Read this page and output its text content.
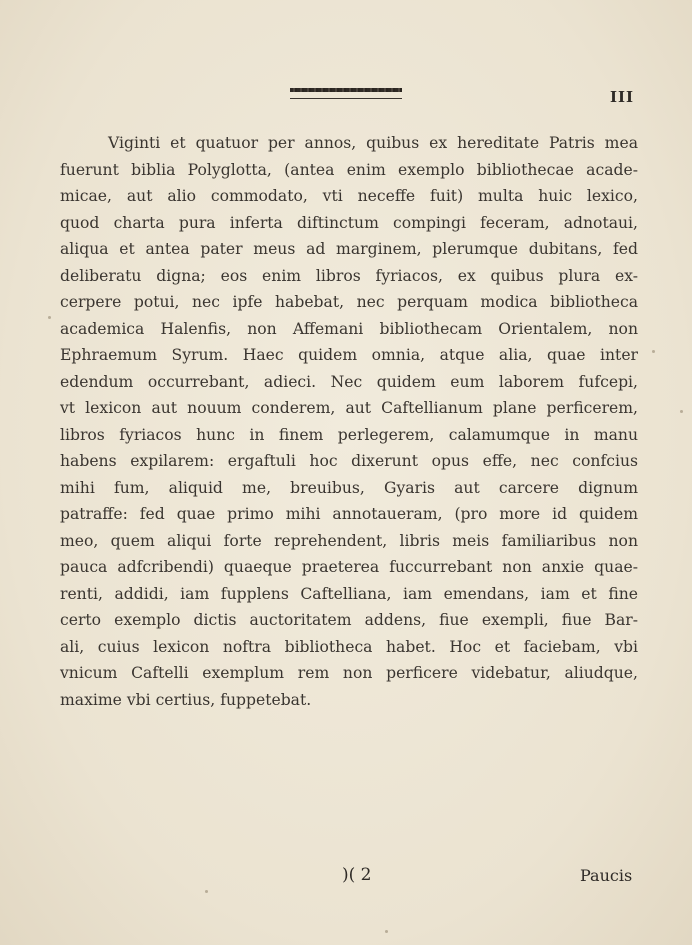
III
Viginti et quatuor per annos, quibus ex hereditate Patris mea
fuerunt biblia Polyglotta, (antea enim exemplo bibliothecae acade-
micae, aut alio commodato, vti neceffe fuit) multa huic lexico,
quod charta pura inferta diftinctum compingi feceram, adnotaui,
aliqua et antea pater meus ad marginem, plerumque dubitans, fed
deliberatu digna; eos enim libros fyriacos, ex quibus plura ex-
cerpere potui, nec ipfe habebat, nec perquam modica bibliotheca
academica Halenfis, non Affemani bibliothecam Orientalem, non
Ephraemum Syrum. Haec quidem omnia, atque alia, quae inter
edendum occurrebant, adieci. Nec quidem eum laborem fufcepi,
vt lexicon aut nouum conderem, aut Caftellianum plane perficerem,
libros fyriacos hunc in finem perlegerem, calamumque in manu
habens expilarem: ergaftuli hoc dixerunt opus effe, nec confcius
mihi fum, aliquid me, breuibus, Gyaris aut carcere dignum
patraffe: fed quae primo mihi annotaueram, (pro more id quidem
meo, quem aliqui forte reprehendent, libris meis familiaribus non
pauca adfcribendi) quaeque praeterea fuccurrebant non anxie quae-
renti, addidi, iam fupplens Caftelliana, iam emendans, iam et fine
certo exemplo dictis auctoritatem addens, fiue exempli, fiue Bar-
ali, cuius lexicon noftra bibliotheca habet. Hoc et faciebam, vbi
vnicum Caftelli exemplum rem non perficere videbatur, aliudque,
maxime vbi certius, fuppetebat.
)( 2	Paucis
